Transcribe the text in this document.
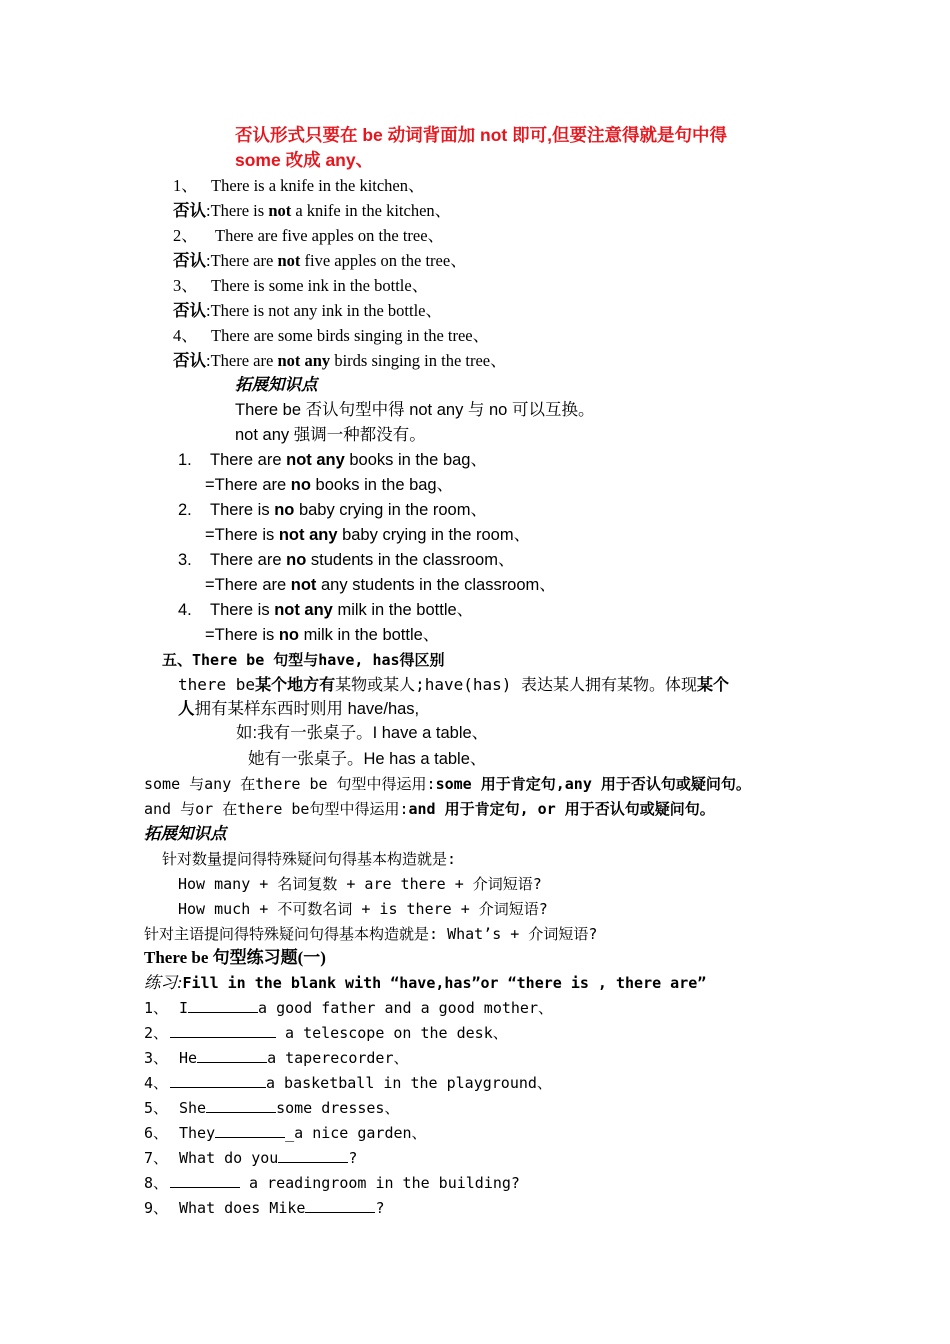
否认形式只要在 be 动词背面加 not 即可,但要注意得就是句中得
some 改成 any、
1、 There is a knife in the kitchen、
否认:There is not a knife in the kitchen、
2、 There are five apples on the tree、
否认:There are not five apples on the tree、
3、 There is some ink in the bottle、
否认:There is not any ink in the bottle、
4、 There are some birds singing in the tree、
否认:There are not any birds singing in the tree、
拓展知识点
There be 否认句型中得 not any 与 no 可以互换。
not any 强调一种都没有。
1. There are not any books in the bag、
=There are no books in the bag、
2. There is no baby crying in the room、
=There is not any baby crying in the room、
3. There are no students in the classroom、
=There are not any students in the classroom、
4. There is not any milk in the bottle、
=There is no milk in the bottle、
五、There be 句型与have, has得区别
there be某个地方有某物或某人;have(has) 表达某人拥有某物。体现某个
人拥有某样东西时则用 have/has,
如:我有一张桌子。I have a table、
她有一张桌子。He has a table、
some 与any 在there be 句型中得运用:some 用于肯定句,any 用于否认句或疑问句。
and 与or 在there be句型中得运用:and 用于肯定句, or 用于否认句或疑问句。
拓展知识点
针对数量提问得特殊疑问句得基本构造就是:
How many + 名词复数 + are there + 介词短语?
How much + 不可数名词 + is there + 介词短语?
针对主语提问得特殊疑问句得基本构造就是: What’s + 介词短语?
There be 句型练习题(一)
练习:Fill in the blank with “have,has”or “there is , there are”
1、 I	a good father and a good mother、
2、	a telescope on the desk、
3、 He	a taperecorder、
4、	a basketball in the playground、
5、 She	some dresses、
6、 They	_a nice garden、
7、 What do you	?
8、	a readingroom in the building?
9、 What does Mike	?
